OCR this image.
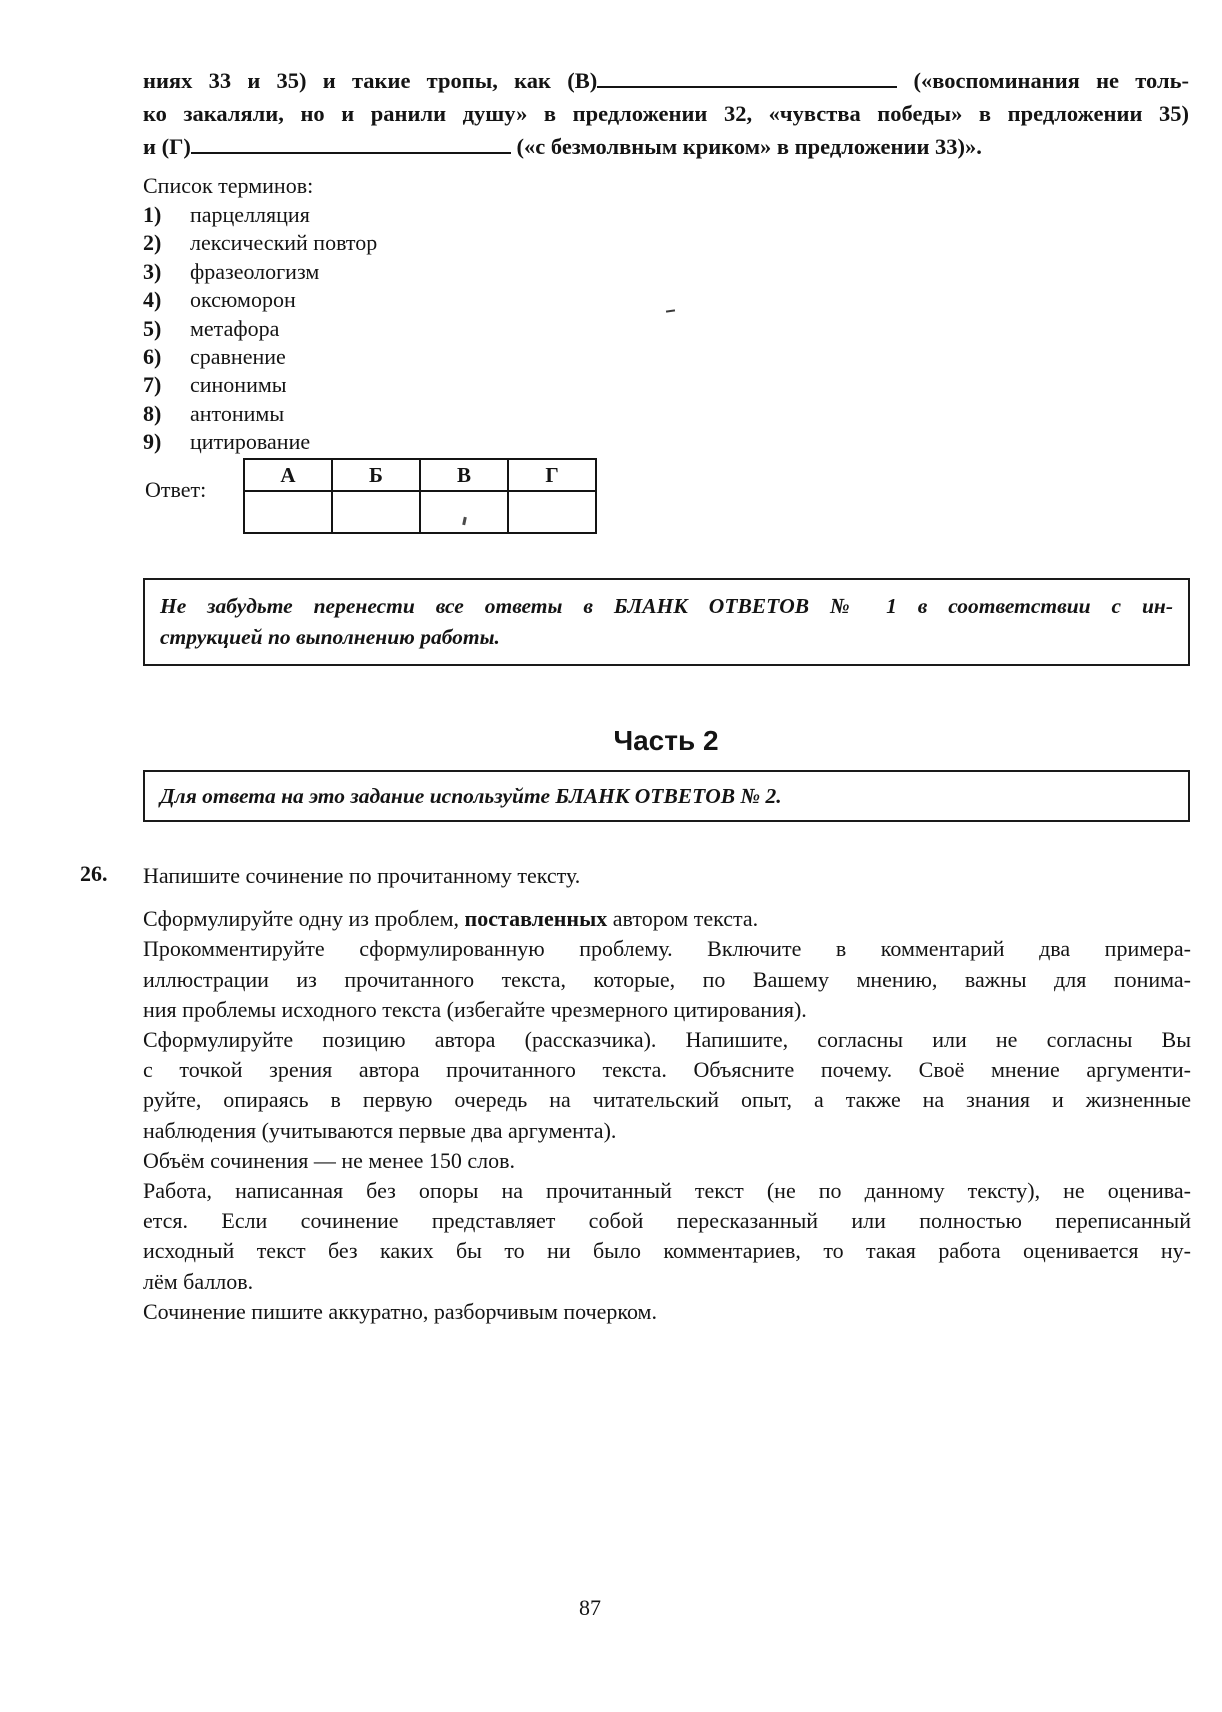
ниях 33 и 35) и такие тропы, как (В)	(«воспоминания не толь-
ко закаляли, но и ранили душу» в предложении 32, «чувства победы» в предложении 35)
и (Г)	(«с безмолвным криком» в предложении 33)».
Список терминов:
1) парцелляция
2) лексический повтор
3) фразеологизм
4) оксюморон
5) метафора
6) сравнение
7) синонимы
8) антонимы
9) цитирование
Ответ:
А	Б	В	Г

Не забудьте перенести все ответы в БЛАНК ОТВЕТОВ № 1 в соответствии с ин-
струкцией по выполнению работы.
Часть 2
Для ответа на это задание используйте БЛАНК ОТВЕТОВ № 2.
26. Напишите сочинение по прочитанному тексту.
Сформулируйте одну из проблем, поставленных автором текста.
Прокомментируйте сформулированную проблему. Включите в комментарий два примера-
иллюстрации из прочитанного текста, которые, по Вашему мнению, важны для понима-
ния проблемы исходного текста (избегайте чрезмерного цитирования).
Сформулируйте позицию автора (рассказчика). Напишите, согласны или не согласны Вы
с точкой зрения автора прочитанного текста. Объясните почему. Своё мнение аргументи-
руйте, опираясь в первую очередь на читательский опыт, а также на знания и жизненные
наблюдения (учитываются первые два аргумента).
Объём сочинения — не менее 150 слов.
Работа, написанная без опоры на прочитанный текст (не по данному тексту), не оценива-
ется. Если сочинение представляет собой пересказанный или полностью переписанный
исходный текст без каких бы то ни было комментариев, то такая работа оценивается ну-
лём баллов.
Сочинение пишите аккуратно, разборчивым почерком.
87
